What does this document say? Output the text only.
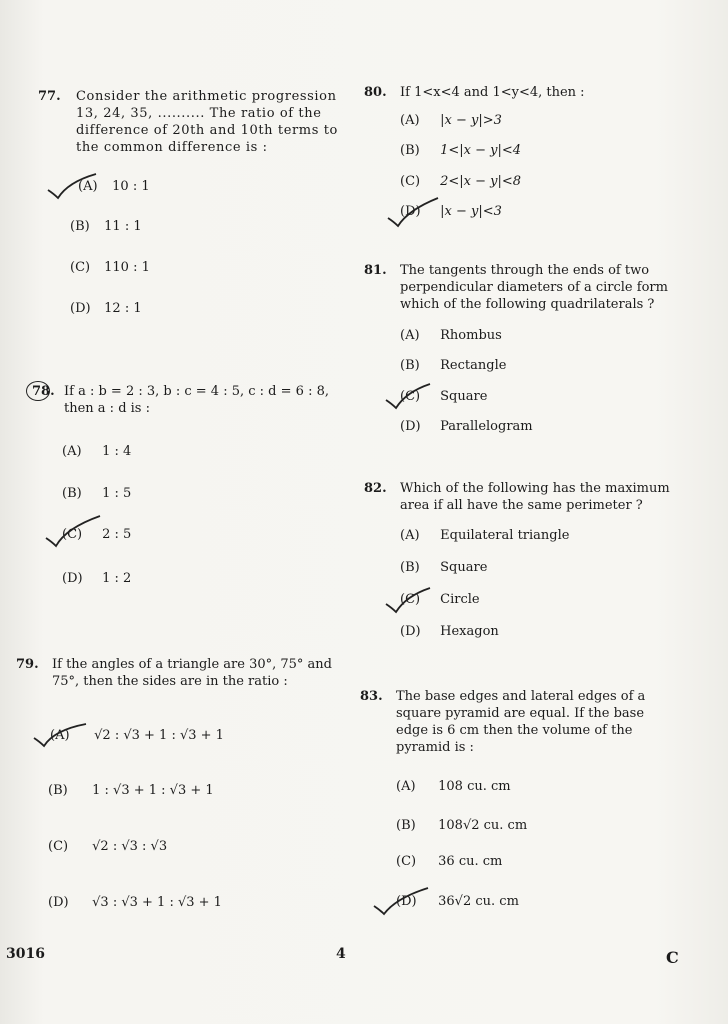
77. Consider the arithmetic progression 13, 24, 35, .......... The ratio of the difference of 20th and 10th terms to the common difference is :
(A) 10 : 1
(B) 11 : 1
(C) 110 : 1
(D) 12 : 1
78. If a : b = 2 : 3, b : c = 4 : 5, c : d = 6 : 8, then a : d is :
(A) 1 : 4
(B) 1 : 5
(C) 2 : 5
(D) 1 : 2
79. If the angles of a triangle are 30°, 75° and 75°, then the sides are in the ratio :
(A) √2 : √3 + 1 : √3 + 1
(B) 1 : √3 + 1 : √3 + 1
(C) √2 : √3 : √3
(D) √3 : √3 + 1 : √3 + 1
80. If 1<x<4 and 1<y<4, then :
(A) |x − y|>3
(B) 1<|x − y|<4
(C) 2<|x − y|<8
(D) |x − y|<3
81. The tangents through the ends of two perpendicular diameters of a circle form which of the following quadrilaterals ?
(A) Rhombus
(B) Rectangle
(C) Square
(D) Parallelogram
82. Which of the following has the maximum area if all have the same perimeter ?
(A) Equilateral triangle
(B) Square
(C) Circle
(D) Hexagon
83. The base edges and lateral edges of a square pyramid are equal. If the base edge is 6 cm then the volume of the pyramid is :
(A) 108 cu. cm
(B) 108√2 cu. cm
(C) 36 cu. cm
(D) 36√2 cu. cm
3016	4	C
